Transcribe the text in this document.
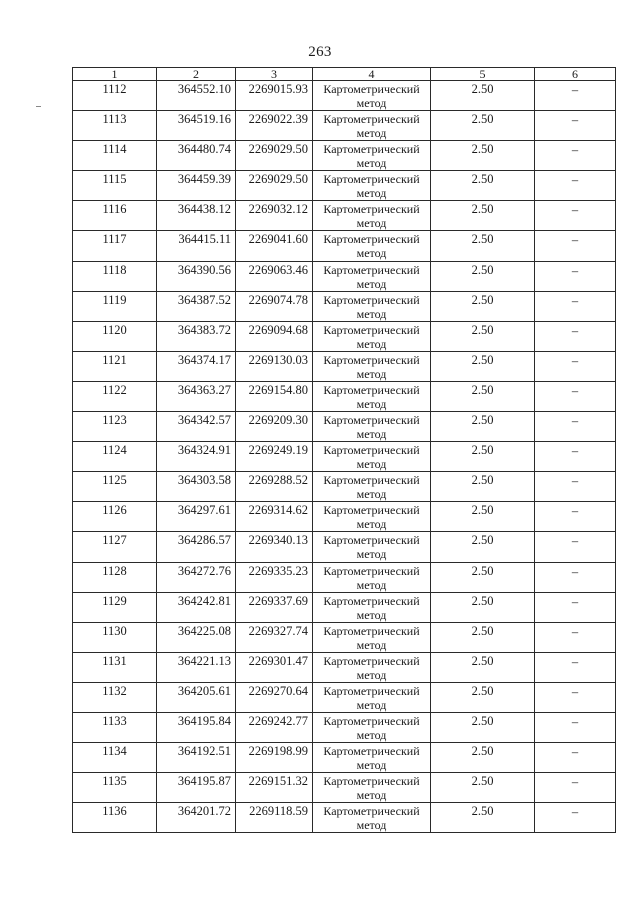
263
1	2	3	4	5	6
1112	364552.10	2269015.93	Картометрический метод	2.50	–
1113	364519.16	2269022.39	Картометрический метод	2.50	–
1114	364480.74	2269029.50	Картометрический метод	2.50	–
1115	364459.39	2269029.50	Картометрический метод	2.50	–
1116	364438.12	2269032.12	Картометрический метод	2.50	–
1117	364415.11	2269041.60	Картометрический метод	2.50	–
1118	364390.56	2269063.46	Картометрический метод	2.50	–
1119	364387.52	2269074.78	Картометрический метод	2.50	–
1120	364383.72	2269094.68	Картометрический метод	2.50	–
1121	364374.17	2269130.03	Картометрический метод	2.50	–
1122	364363.27	2269154.80	Картометрический метод	2.50	–
1123	364342.57	2269209.30	Картометрический метод	2.50	–
1124	364324.91	2269249.19	Картометрический метод	2.50	–
1125	364303.58	2269288.52	Картометрический метод	2.50	–
1126	364297.61	2269314.62	Картометрический метод	2.50	–
1127	364286.57	2269340.13	Картометрический метод	2.50	–
1128	364272.76	2269335.23	Картометрический метод	2.50	–
1129	364242.81	2269337.69	Картометрический метод	2.50	–
1130	364225.08	2269327.74	Картометрический метод	2.50	–
1131	364221.13	2269301.47	Картометрический метод	2.50	–
1132	364205.61	2269270.64	Картометрический метод	2.50	–
1133	364195.84	2269242.77	Картометрический метод	2.50	–
1134	364192.51	2269198.99	Картометрический метод	2.50	–
1135	364195.87	2269151.32	Картометрический метод	2.50	–
1136	364201.72	2269118.59	Картометрический метод	2.50	–
